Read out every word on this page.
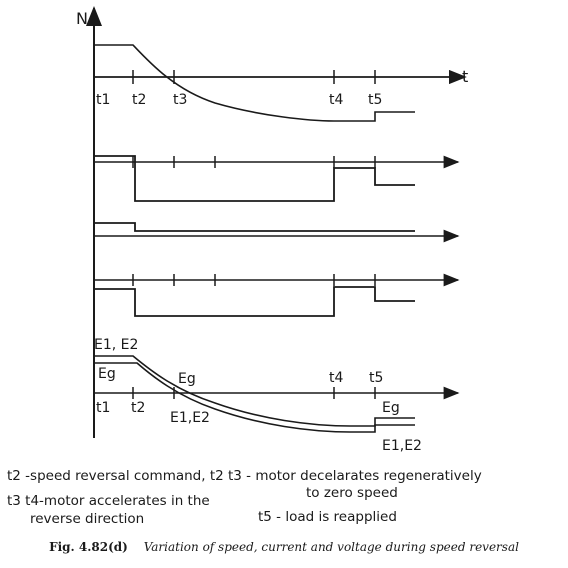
N
t
t1 t2 t3	t4 t5
E1, E2
Eg	Eg
E1,E2
Eg
E1,E2
t1 t2
t4 t5
t2 -speed reversal command, t2 t3 - motor decelarates regeneratively
to zero speed
t3 t4-motor accelerates in the
reverse direction	t5 - load is reapplied
Fig. 4.82(d) Variation of speed, current and voltage during speed reversal
